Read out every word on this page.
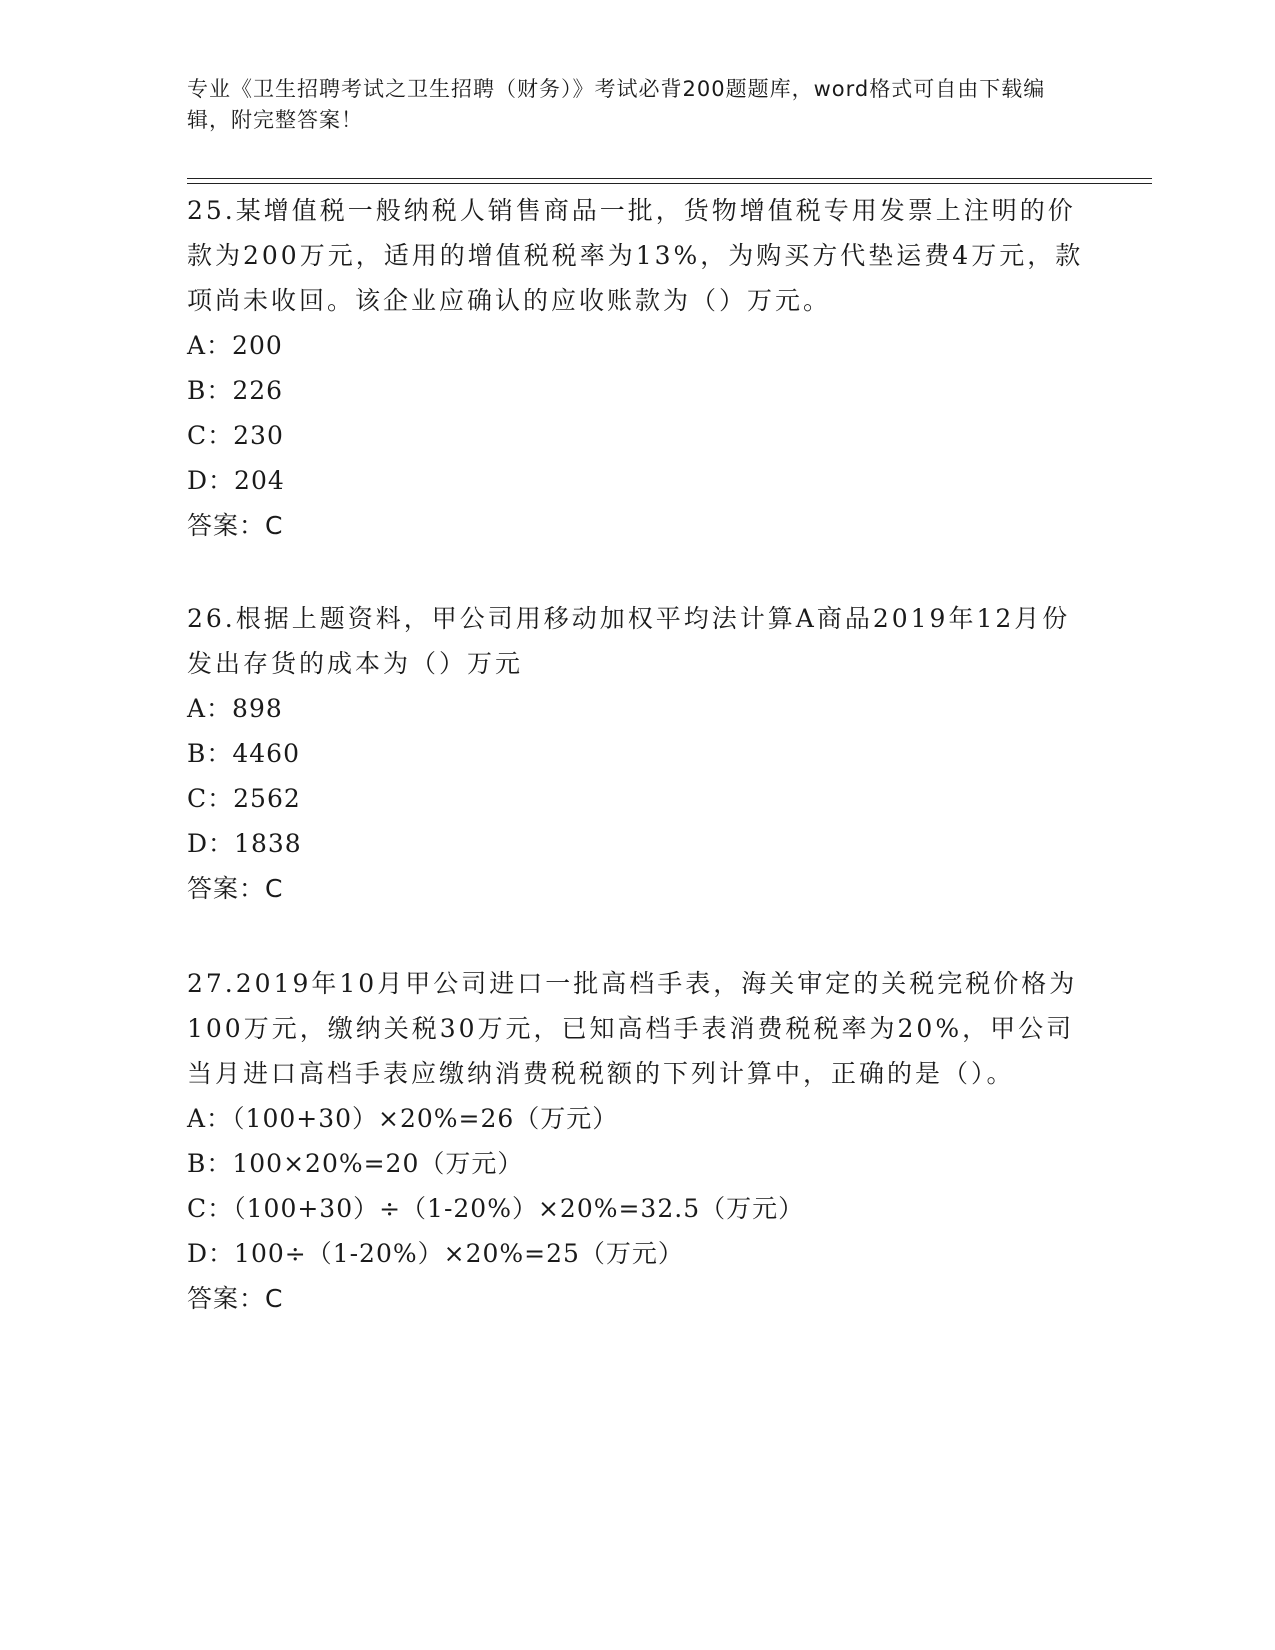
专业《卫生招聘考试之卫生招聘（财务）》考试必背200题题库，word格式可自由下载编辑，附完整答案！

25.某增值税一般纳税人销售商品一批，货物增值税专用发票上注明的价款为200万元，适用的增值税税率为13%，为购买方代垫运费4万元，款项尚未收回。该企业应确认的应收账款为（）万元。

A：200

B：226

C：230

D：204

答案：C

26.根据上题资料，甲公司用移动加权平均法计算A商品2019年12月份发出存货的成本为（）万元

A：898

B：4460

C：2562

D：1838

答案：C

27.2019年10月甲公司进口一批高档手表，海关审定的关税完税价格为100万元，缴纳关税30万元，已知高档手表消费税税率为20%，甲公司当月进口高档手表应缴纳消费税税额的下列计算中，正确的是（）。

A：（100+30）×20%=26（万元）

B：100×20%=20（万元）

C：（100+30）÷（1-20%）×20%=32.5（万元）

D：100÷（1-20%）×20%=25（万元）

答案：C
